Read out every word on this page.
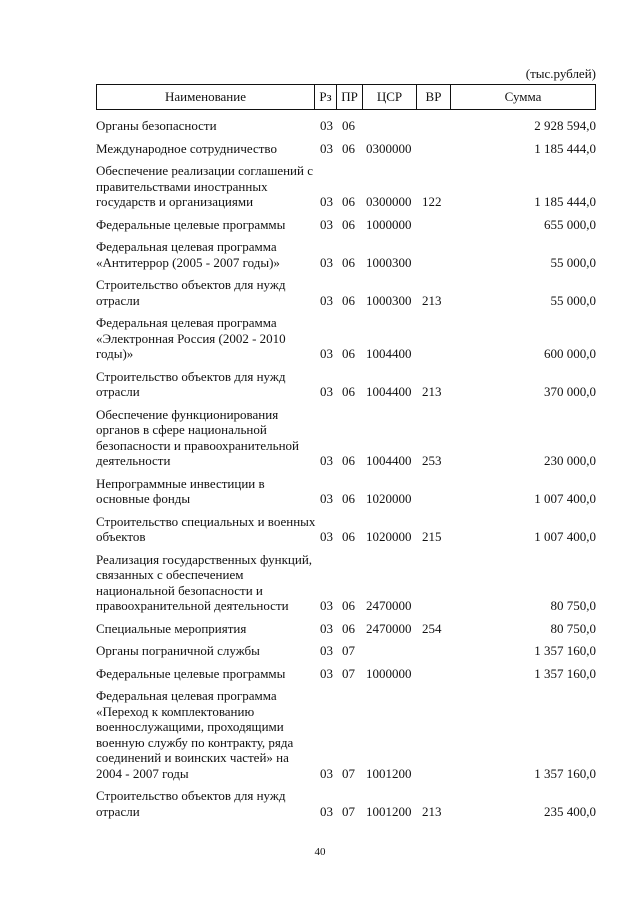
(тыс.рублей)
Наименование	Рз ПР	ЦСР	ВР	Сумма
Органы безопасности	03 06	2 928 594,0
Международное сотрудничество	03 06 0300000	1 185 444,0
Обеспечение реализации соглашений с правительствами иностранных государств и организациями	03 06 0300000 122	1 185 444,0
Федеральные целевые программы	03 06 1000000	655 000,0
Федеральная целевая программа «Антитеррор (2005 - 2007 годы)»	03 06 1000300	55 000,0
Строительство объектов для нужд отрасли	03 06 1000300 213	55 000,0
Федеральная целевая программа «Электронная Россия (2002 - 2010 годы)»	03 06 1004400	600 000,0
Строительство объектов для нужд отрасли	03 06 1004400 213	370 000,0
Обеспечение функционирования органов в сфере национальной безопасности и правоохранительной деятельности	03 06 1004400 253	230 000,0
Непрограммные инвестиции в основные фонды	03 06 1020000	1 007 400,0
Строительство специальных и военных объектов	03 06 1020000 215	1 007 400,0
Реализация государственных функций, связанных с обеспечением национальной безопасности и правоохранительной деятельности	03 06 2470000	80 750,0
Специальные мероприятия	03 06 2470000 254	80 750,0
Органы пограничной службы	03 07	1 357 160,0
Федеральные целевые программы	03 07 1000000	1 357 160,0
Федеральная целевая программа «Переход к комплектованию военнослужащими, проходящими военную службу по контракту, ряда соединений и воинских частей» на 2004 - 2007 годы	03 07 1001200	1 357 160,0
Строительство объектов для нужд отрасли	03 07 1001200 213	235 400,0
40
